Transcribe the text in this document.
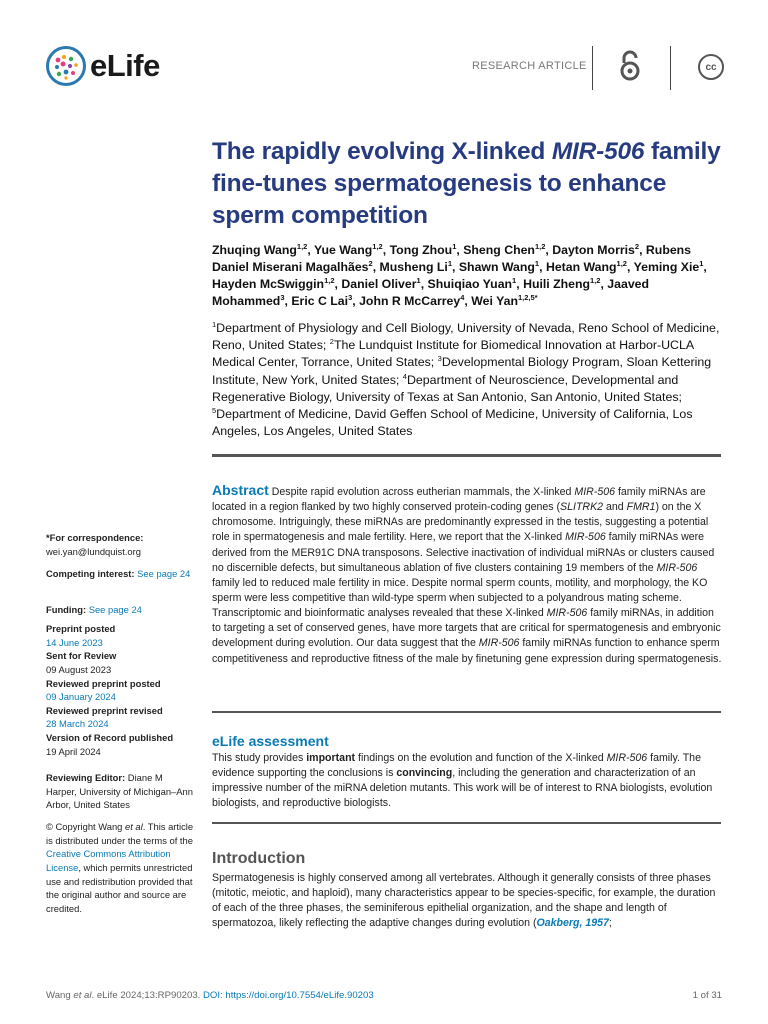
eLife	RESEARCH ARTICLE	cc
The rapidly evolving X-linked MIR-506 family fine-tunes spermatogenesis to enhance sperm competition
Zhuqing Wang$^{1,2}$, Yue Wang$^{1,2}$, Tong Zhou$^1$, Sheng Chen$^{1,2}$, Dayton Morris$^2$, Rubens Daniel Miserani Magalhães$^2$, Musheng Li$^1$, Shawn Wang$^1$, Hetan Wang$^{1,2}$, Yeming Xie$^1$, Hayden McSwiggin$^{1,2}$, Daniel Oliver$^1$, Shuiqiao Yuan$^1$, Huili Zheng$^{1,2}$, Jaaved Mohammed$^3$, Eric C Lai$^3$, John R McCarrey$^4$, Wei Yan$^{1,2,5*}$
$^1$Department of Physiology and Cell Biology, University of Nevada, Reno School of Medicine, Reno, United States; $^2$The Lundquist Institute for Biomedical Innovation at Harbor-UCLA Medical Center, Torrance, United States; $^3$Developmental Biology Program, Sloan Kettering Institute, New York, United States; $^4$Department of Neuroscience, Developmental and Regenerative Biology, University of Texas at San Antonio, San Antonio, United States; $^5$Department of Medicine, David Geffen School of Medicine, University of California, Los Angeles, Los Angeles, United States
Abstract Despite rapid evolution across eutherian mammals, the X-linked MIR-506 family miRNAs are located in a region flanked by two highly conserved protein-coding genes (SLITRK2 and FMR1) on the X chromosome. Intriguingly, these miRNAs are predominantly expressed in the testis, suggesting a potential role in spermatogenesis and male fertility. Here, we report that the X-linked MIR-506 family miRNAs were derived from the MER91C DNA transposons. Selective inactivation of individual miRNAs or clusters caused no discernible defects, but simultaneous ablation of five clusters containing 19 members of the MIR-506 family led to reduced male fertility in mice. Despite normal sperm counts, motility, and morphology, the KO sperm were less competitive than wild-type sperm when subjected to a polyandrous mating scheme. Transcriptomic and bioinformatic analyses revealed that these X-linked MIR-506 family miRNAs, in addition to targeting a set of conserved genes, have more targets that are critical for spermatogenesis and embryonic development during evolution. Our data suggest that the MIR-506 family miRNAs function to enhance sperm competitiveness and reproductive fitness of the male by finetuning gene expression during spermatogenesis.
eLife assessment
This study provides important findings on the evolution and function of the X-linked MIR-506 family. The evidence supporting the conclusions is convincing, including the generation and characterization of an impressive number of the miRNA deletion mutants. This work will be of interest to RNA biologists, evolution biologists, and reproductive biologists.
Introduction
Spermatogenesis is highly conserved among all vertebrates. Although it generally consists of three phases (mitotic, meiotic, and haploid), many characteristics appear to be species-specific, for example, the duration of each of the three phases, the seminiferous epithelial organization, and the shape and length of spermatozoa, likely reflecting the adaptive changes during evolution (Oakberg, 1957;
*For correspondence:
wei.yan@lundquist.org
Competing interest: See page 24
Funding: See page 24
Preprint posted
14 June 2023
Sent for Review
09 August 2023
Reviewed preprint posted
09 January 2024
Reviewed preprint revised
28 March 2024
Version of Record published
19 April 2024
Reviewing Editor: Diane M Harper, University of Michigan–Ann Arbor, United States
© Copyright Wang et al. This article is distributed under the terms of the Creative Commons Attribution License, which permits unrestricted use and redistribution provided that the original author and source are credited.
Wang et al. eLife 2024;13:RP90203. DOI: https://doi.org/10.7554/eLife.90203	1 of 31
